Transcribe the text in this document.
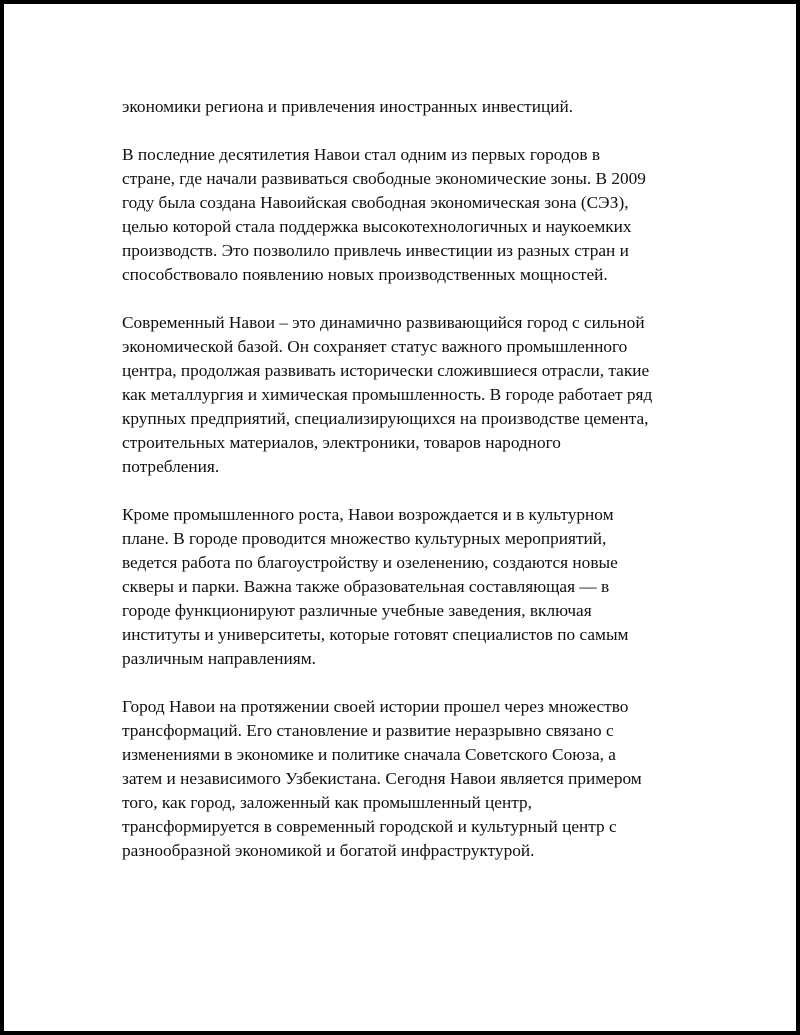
экономики региона и привлечения иностранных инвестиций.

В последние десятилетия Навои стал одним из первых городов в
стране, где начали развиваться свободные экономические зоны. В 2009
году была создана Навоийская свободная экономическая зона (СЭЗ),
целью которой стала поддержка высокотехнологичных и наукоемких
производств. Это позволило привлечь инвестиции из разных стран и
способствовало появлению новых производственных мощностей.

Современный Навои – это динамично развивающийся город с сильной
экономической базой. Он сохраняет статус важного промышленного
центра, продолжая развивать исторически сложившиеся отрасли, такие
как металлургия и химическая промышленность. В городе работает ряд
крупных предприятий, специализирующихся на производстве цемента,
строительных материалов, электроники, товаров народного
потребления.

Кроме промышленного роста, Навои возрождается и в культурном
плане. В городе проводится множество культурных мероприятий,
ведется работа по благоустройству и озеленению, создаются новые
скверы и парки. Важна также образовательная составляющая — в
городе функционируют различные учебные заведения, включая
институты и университеты, которые готовят специалистов по самым
различным направлениям.

Город Навои на протяжении своей истории прошел через множество
трансформаций. Его становление и развитие неразрывно связано с
изменениями в экономике и политике сначала Советского Союза, а
затем и независимого Узбекистана. Сегодня Навои является примером
того, как город, заложенный как промышленный центр,
трансформируется в современный городской и культурный центр с
разнообразной экономикой и богатой инфраструктурой.
